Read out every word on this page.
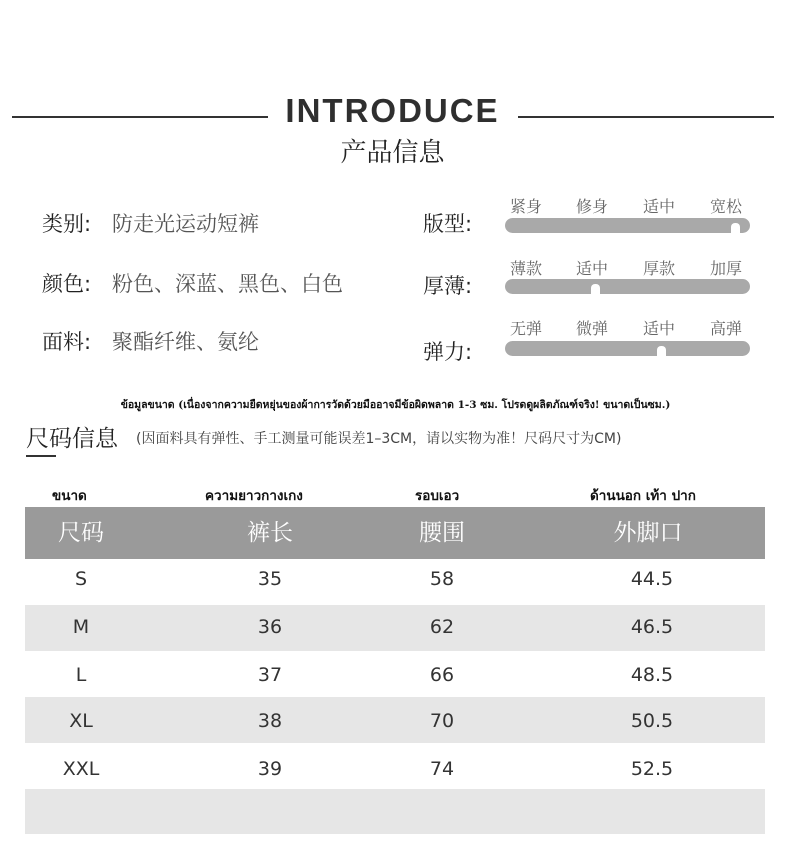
INTRODUCE
产品信息
类别: 防走光运动短裤
颜色: 粉色、深蓝、黑色、白色
面料: 聚酯纤维、氨纶
版型:
紧身 修身 适中 宽松
厚薄:
薄款 适中 厚款 加厚
弹力:
无弹 微弹 适中 高弹
ข้อมูลขนาด (เนื่องจากความยืดหยุ่นของผ้าการวัดด้วยมืออาจมีข้อผิดพลาด 1-3 ซม. โปรดดูผลิตภัณฑ์จริง! ขนาดเป็นซม.)
尺码信息 (因面料具有弹性、手工测量可能误差1–3CM，请以实物为准！尺码尺寸为CM)
ขนาด	ความยาวกางเกง	รอบเอว	ด้านนอก เท้า ปาก
尺码	裤长	腰围	外脚口
S	35	58	44.5
M	36	62	46.5
L	37	66	48.5
XL	38	70	50.5
XXL	39	74	52.5
